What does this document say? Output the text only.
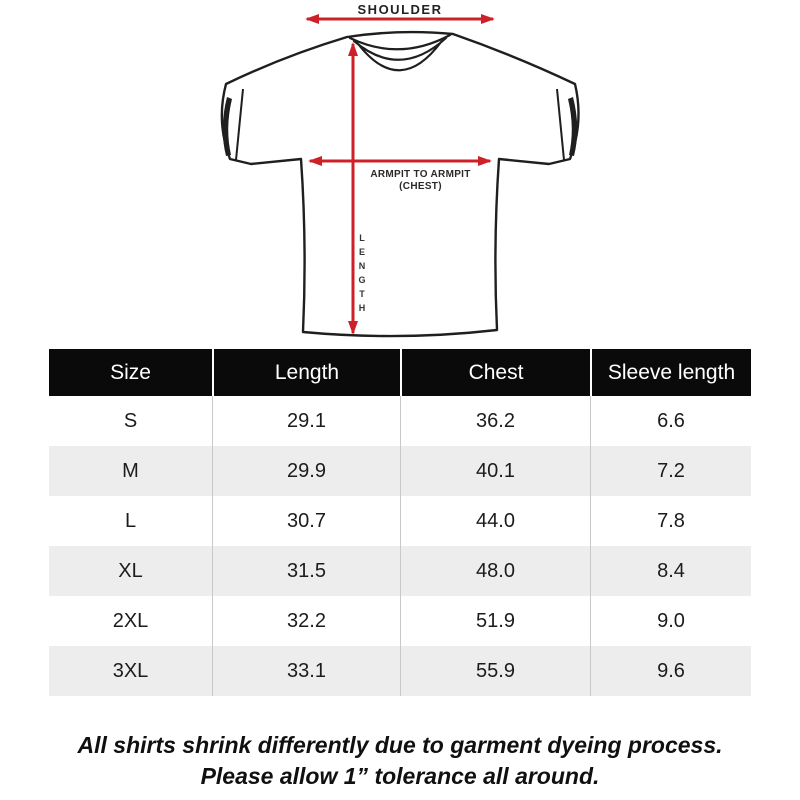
SHOULDER
ARMPIT TO ARMPIT
(CHEST)
LENGTH
Size	Length	Chest	Sleeve length
S	29.1	36.2	6.6
M	29.9	40.1	7.2
L	30.7	44.0	7.8
XL	31.5	48.0	8.4
2XL	32.2	51.9	9.0
3XL	33.1	55.9	9.6
All shirts shrink differently due to garment dyeing process.
Please allow 1” tolerance all around.
